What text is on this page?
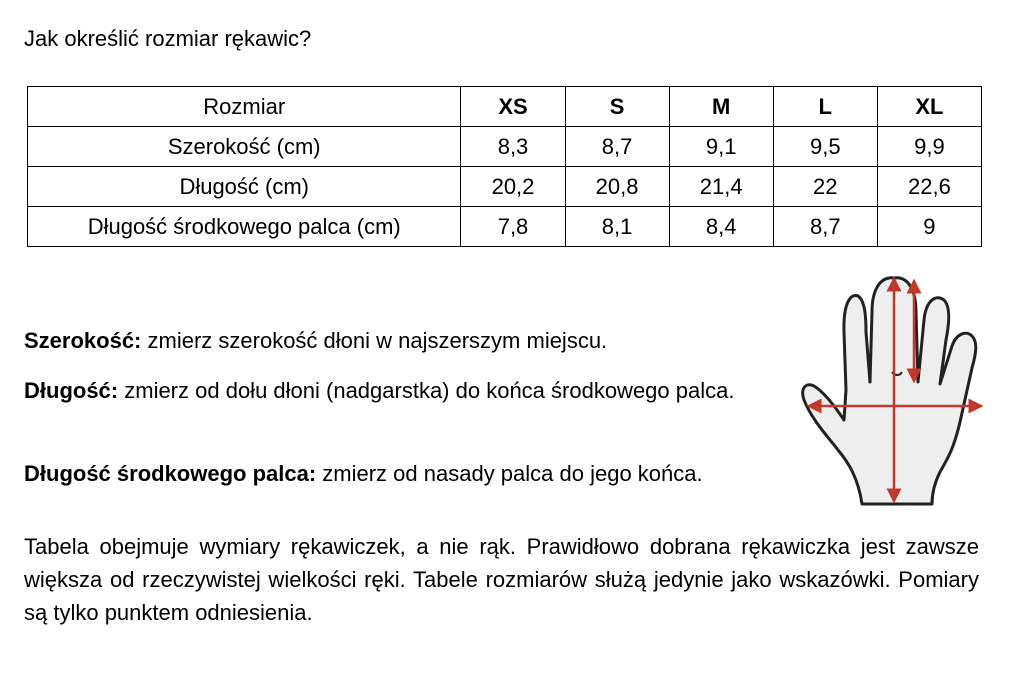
Jak określić rozmiar rękawic?
Rozmiar	XS	S	M	L	XL
Szerokość (cm)	8,3	8,7	9,1	9,5	9,9
Długość (cm)	20,2	20,8	21,4	22	22,6
Długość środkowego palca (cm)	7,8	8,1	8,4	8,7	9

Szerokość: zmierz szerokość dłoni w najszerszym miejscu.

Długość: zmierz od dołu dłoni (nadgarstka) do końca środkowego palca.

Długość środkowego palca: zmierz od nasady palca do jego końca.

Tabela obejmuje wymiary rękawiczek, a nie rąk. Prawidłowo dobrana rękawiczka jest zawsze większa od rzeczywistej wielkości ręki. Tabele rozmiarów służą jedynie jako wskazówki. Pomiary są tylko punktem odniesienia.
